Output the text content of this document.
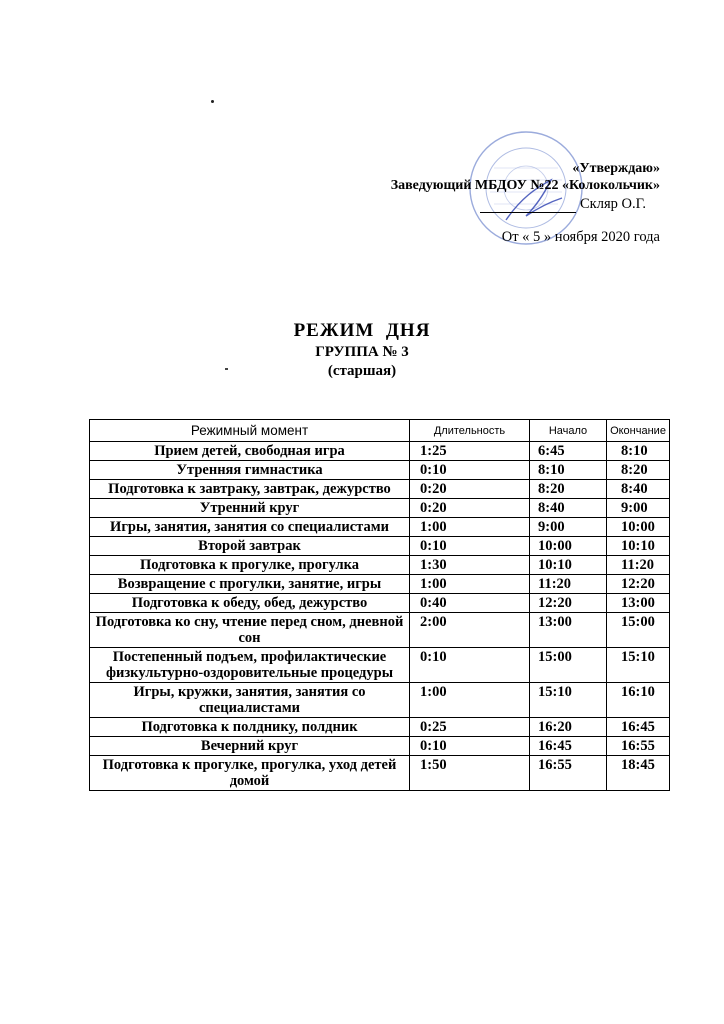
«Утверждаю»
Заведующий МБДОУ №22 «Колокольчик»
Скляр О.Г.
От « 5 » ноября 2020 года
РЕЖИМ  ДНЯ
ГРУППА № 3
(старшая)
Режимный момент	Длительность	Начало	Окончание
Прием детей, свободная игра	1:25	6:45	8:10
Утренняя гимнастика	0:10	8:10	8:20
Подготовка к завтраку, завтрак, дежурство	0:20	8:20	8:40
Утренний круг	0:20	8:40	9:00
Игры, занятия, занятия со специалистами	1:00	9:00	10:00
Второй завтрак	0:10	10:00	10:10
Подготовка к прогулке, прогулка	1:30	10:10	11:20
Возвращение с прогулки, занятие, игры	1:00	11:20	12:20
Подготовка к обеду, обед, дежурство	0:40	12:20	13:00
Подготовка ко сну, чтение перед сном, дневной сон	2:00	13:00	15:00
Постепенный подъем, профилактические физкультурно-оздоровительные процедуры	0:10	15:00	15:10
Игры, кружки, занятия, занятия со специалистами	1:00	15:10	16:10
Подготовка к полднику, полдник	0:25	16:20	16:45
Вечерний круг	0:10	16:45	16:55
Подготовка к прогулке, прогулка, уход детей домой	1:50	16:55	18:45
